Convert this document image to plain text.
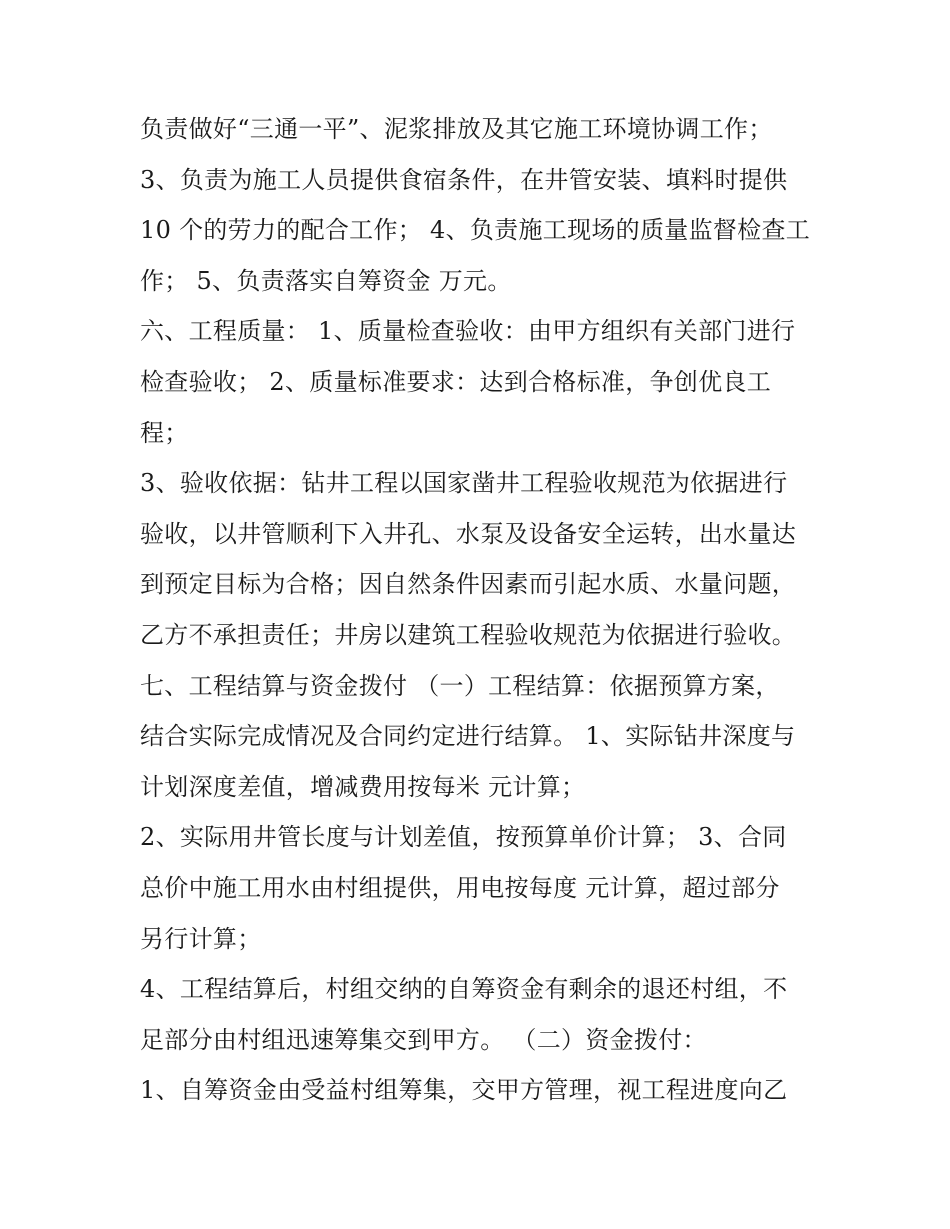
负责做好“三通一平”、泥浆排放及其它施工环境协调工作；
3、负责为施工人员提供食宿条件，在井管安装、填料时提供
10 个的劳力的配合工作； 4、负责施工现场的质量监督检查工
作； 5、负责落实自筹资金 万元。
六、工程质量： 1、质量检查验收：由甲方组织有关部门进行
检查验收； 2、质量标准要求：达到合格标准，争创优良工
程；
3、验收依据：钻井工程以国家凿井工程验收规范为依据进行
验收，以井管顺利下入井孔、水泵及设备安全运转，出水量达
到预定目标为合格；因自然条件因素而引起水质、水量问题，
乙方不承担责任；井房以建筑工程验收规范为依据进行验收。
七、工程结算与资金拨付 （一）工程结算：依据预算方案，
结合实际完成情况及合同约定进行结算。 1、实际钻井深度与
计划深度差值，增减费用按每米 元计算；
2、实际用井管长度与计划差值，按预算单价计算； 3、合同
总价中施工用水由村组提供，用电按每度 元计算，超过部分
另行计算；
4、工程结算后，村组交纳的自筹资金有剩余的退还村组，不
足部分由村组迅速筹集交到甲方。 （二）资金拨付：
1、自筹资金由受益村组筹集，交甲方管理，视工程进度向乙
